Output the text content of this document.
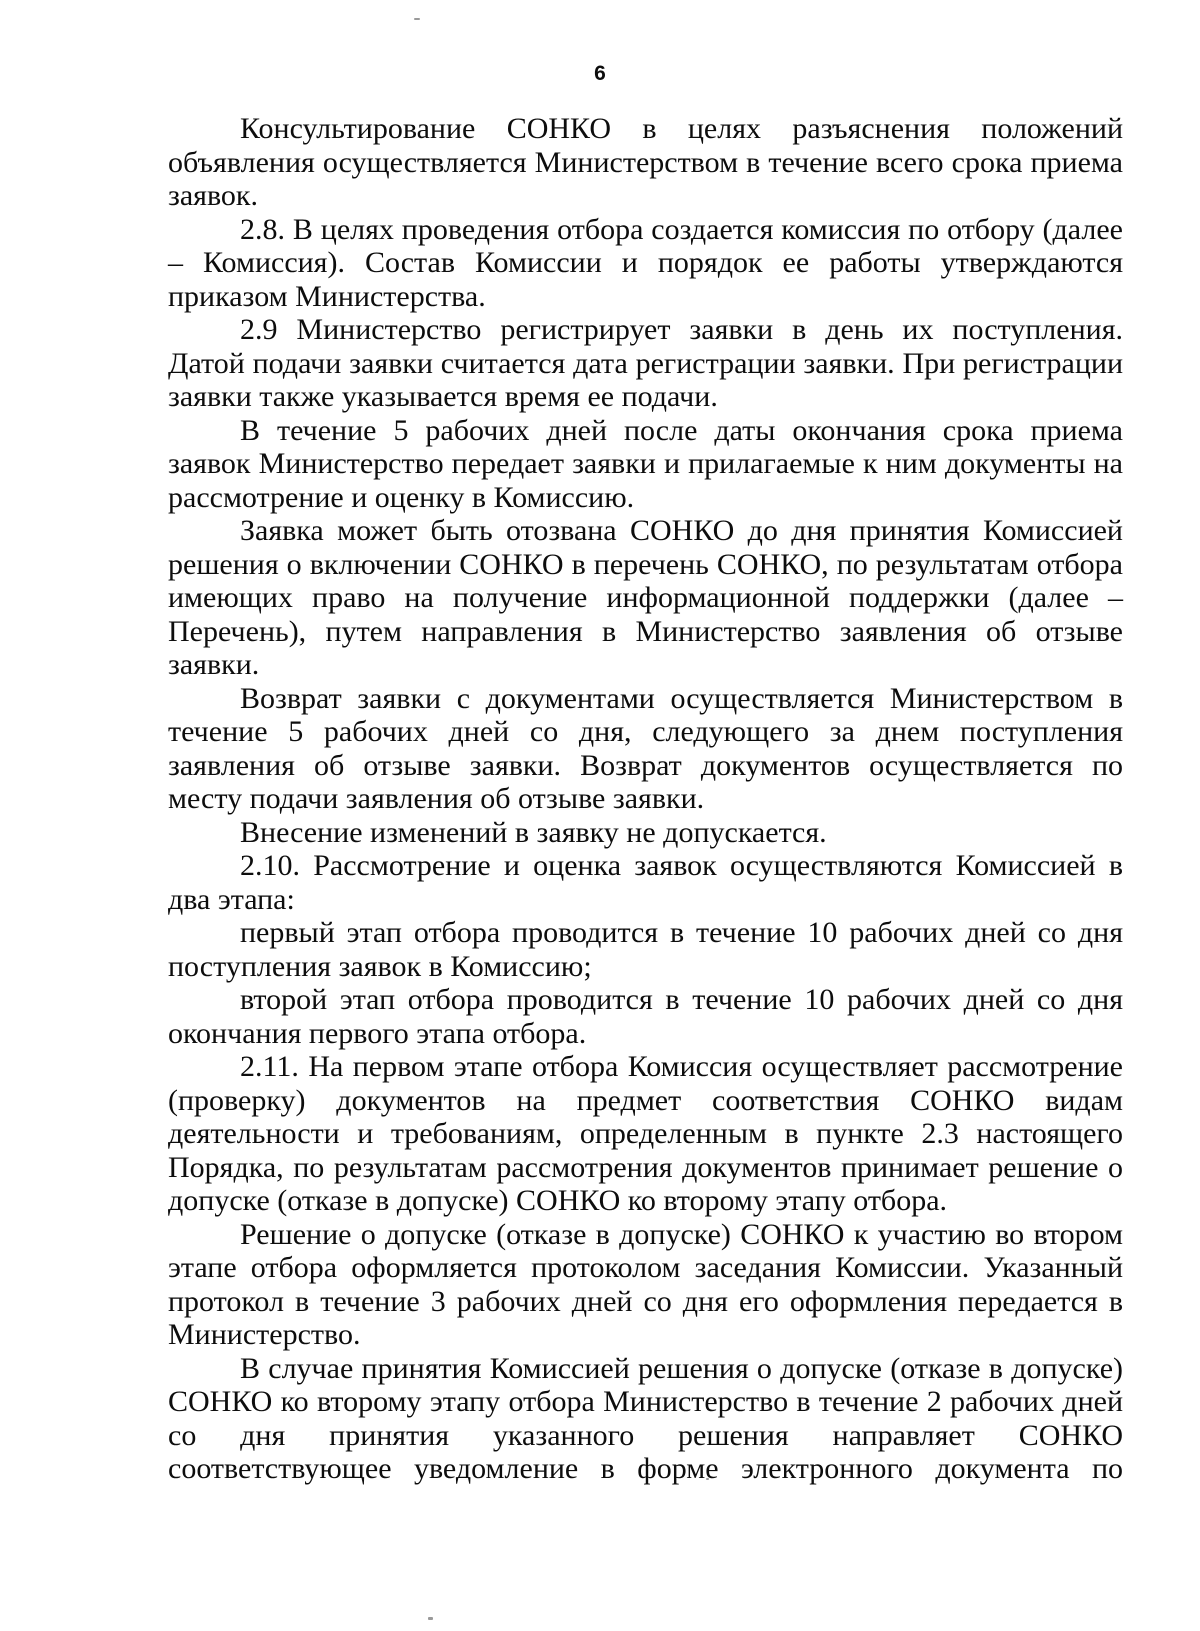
6

Консультирование СОНКО в целях разъяснения положений объявления осуществляется Министерством в течение всего срока приема заявок.

2.8. В целях проведения отбора создается комиссия по отбору (далее – Комиссия). Состав Комиссии и порядок ее работы утверждаются приказом Министерства.

2.9 Министерство регистрирует заявки в день их поступления. Датой подачи заявки считается дата регистрации заявки. При регистрации заявки также указывается время ее подачи.

В течение 5 рабочих дней после даты окончания срока приема заявок Министерство передает заявки и прилагаемые к ним документы на рассмотрение и оценку в Комиссию.

Заявка может быть отозвана СОНКО до дня принятия Комиссией решения о включении СОНКО в перечень СОНКО, по результатам отбора имеющих право на получение информационной поддержки (далее – Перечень), путем направления в Министерство заявления об отзыве заявки.

Возврат заявки с документами осуществляется Министерством в течение 5 рабочих дней со дня, следующего за днем поступления заявления об отзыве заявки. Возврат документов осуществляется по месту подачи заявления об отзыве заявки.

Внесение изменений в заявку не допускается.

2.10. Рассмотрение и оценка заявок осуществляются Комиссией в два этапа:

первый этап отбора проводится в течение 10 рабочих дней со дня поступления заявок в Комиссию;

второй этап отбора проводится в течение 10 рабочих дней со дня окончания первого этапа отбора.

2.11. На первом этапе отбора Комиссия осуществляет рассмотрение (проверку) документов на предмет соответствия СОНКО видам деятельности и требованиям, определенным в пункте 2.3 настоящего Порядка, по результатам рассмотрения документов принимает решение о допуске (отказе в допуске) СОНКО ко второму этапу отбора.

Решение о допуске (отказе в допуске) СОНКО к участию во втором этапе отбора оформляется протоколом заседания Комиссии. Указанный протокол в течение 3 рабочих дней со дня его оформления передается в Министерство.

В случае принятия Комиссией решения о допуске (отказе в допуске) СОНКО ко второму этапу отбора Министерство в течение 2 рабочих дней со дня принятия указанного решения направляет СОНКО соответствующее уведомление в форме электронного документа по
